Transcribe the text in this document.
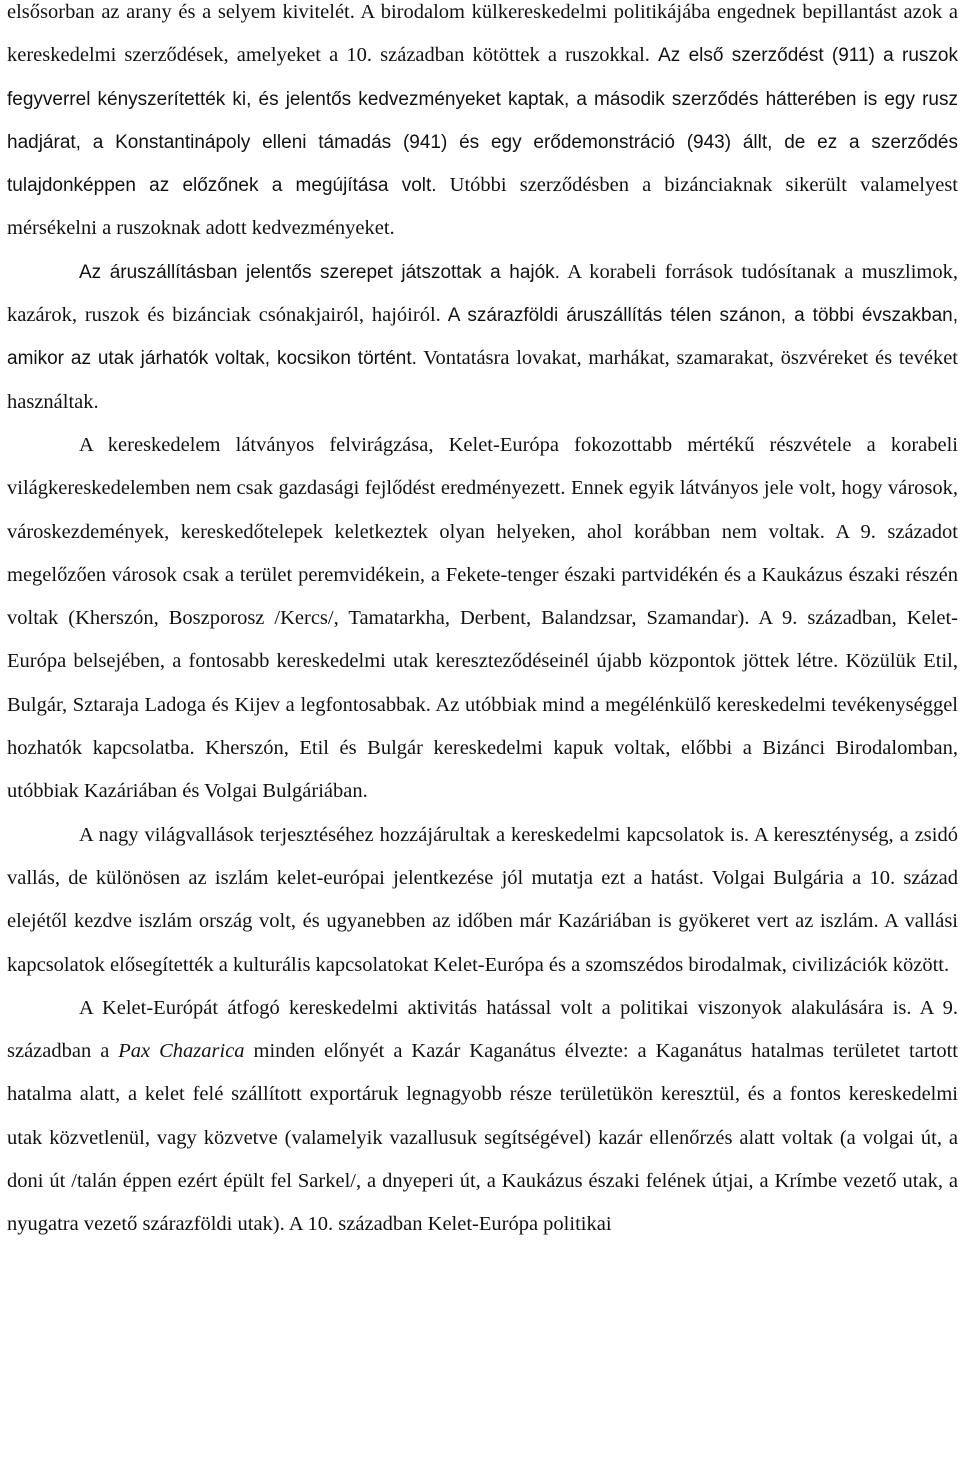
elsősorban az arany és a selyem kivitelét. A birodalom külkereskedelmi politikájába engednek bepillantást azok a kereskedelmi szerződések, amelyeket a 10. században kötöttek a ruszokkal. Az első szerződést (911) a ruszok fegyverrel kényszerítették ki, és jelentős kedvezményeket kaptak, a második szerződés hátterében is egy rusz hadjárat, a Konstantinápoly elleni támadás (941) és egy erődemonstráció (943) állt, de ez a szerződés tulajdonképpen az előzőnek a megújítása volt. Utóbbi szerződésben a bizánciaknak sikerült valamelyest mérsékelni a ruszoknak adott kedvezményeket.

Az áruszállításban jelentős szerepet játszottak a hajók. A korabeli források tudósítanak a muszlimok, kazárok, ruszok és bizánciak csónakjairól, hajóiról. A szárazföldi áruszállítás télen szánon, a többi évszakban, amikor az utak járhatók voltak, kocsikon történt. Vontatásra lovakat, marhákat, szamarakat, öszvéreket és tevéket használtak.

A kereskedelem látványos felvirágzása, Kelet-Európa fokozottabb mértékű részvétele a korabeli világkereskedelemben nem csak gazdasági fejlődést eredményezett. Ennek egyik látványos jele volt, hogy városok, városkezdemények, kereskedőtelepek keletkeztek olyan helyeken, ahol korábban nem voltak. A 9. századot megelőzően városok csak a terület peremvidékein, a Fekete-tenger északi partvidékén és a Kaukázus északi részén voltak (Kherszón, Boszporosz /Kercs/, Tamatarkha, Derbent, Balandzsar, Szamandar). A 9. században, Kelet-Európa belsejében, a fontosabb kereskedelmi utak kereszteződéseinél újabb központok jöttek létre. Közülük Etil, Bulgár, Sztaraja Ladoga és Kijev a legfontosabbak. Az utóbbiak mind a megélénkülő kereskedelmi tevékenységgel hozhatók kapcsolatba. Kherszón, Etil és Bulgár kereskedelmi kapuk voltak, előbbi a Bizánci Birodalomban, utóbbiak Kazáriában és Volgai Bulgáriában.

A nagy világvallások terjesztéséhez hozzájárultak a kereskedelmi kapcsolatok is. A kereszténység, a zsidó vallás, de különösen az iszlám kelet-európai jelentkezése jól mutatja ezt a hatást. Volgai Bulgária a 10. század elejétől kezdve iszlám ország volt, és ugyanebben az időben már Kazáriában is gyökeret vert az iszlám. A vallási kapcsolatok elősegítették a kulturális kapcsolatokat Kelet-Európa és a szomszédos birodalmak, civilizációk között.

A Kelet-Európát átfogó kereskedelmi aktivitás hatással volt a politikai viszonyok alakulására is. A 9. században a Pax Chazarica minden előnyét a Kazár Kaganátus élvezte: a Kaganátus hatalmas területet tartott hatalma alatt, a kelet felé szállított exportáruk legnagyobb része területükön keresztül, és a fontos kereskedelmi utak közvetlenül, vagy közvetve (valamelyik vazallusuk segítségével) kazár ellenőrzés alatt voltak (a volgai út, a doni út /talán éppen ezért épült fel Sarkel/, a dnyeperi út, a Kaukázus északi felének útjai, a Krímbe vezető utak, a nyugatra vezető szárazföldi utak). A 10. században Kelet-Európa politikai
